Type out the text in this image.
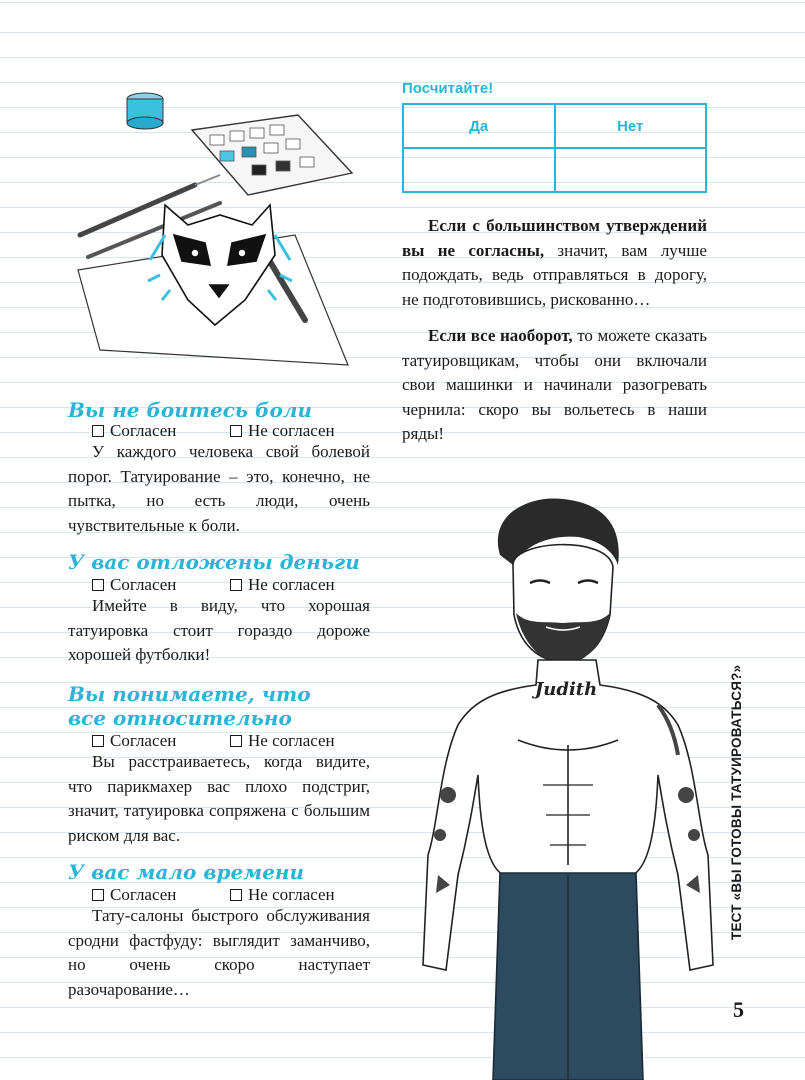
Посчитайте!
Да	Нет

Если с большинством утверждений вы не согласны, значит, вам лучше подождать, ведь отправляться в дорогу, не подготовившись, рискованно…

Если все наоборот, то можете сказать татуировщикам, чтобы они включали свои машинки и начинали разогревать чернила: скоро вы вольетесь в наши ряды!

Вы не боитесь боли
Согласен	Не согласен

У каждого человека свой болевой порог. Татуирование – это, конечно, не пытка, но есть люди, очень чувствительные к боли.

У вас отложены деньги
Согласен	Не согласен

Имейте в виду, что хорошая татуировка стоит гораздо дороже хорошей футболки!

Вы понимаете, что все относительно
Согласен	Не согласен

Вы расстраиваетесь, когда видите, что парикмахер вас плохо подстриг, значит, татуировка сопряжена с большим риском для вас.

У вас мало времени
Согласен	Не согласен

Тату-салоны быстрого обслуживания сродни фастфуду: выглядит заманчиво, но очень скоро наступает разочарование…

Judith	ТЕСТ «ВЫ ГОТОВЫ ТАТУИРОВАТЬСЯ?»
5
